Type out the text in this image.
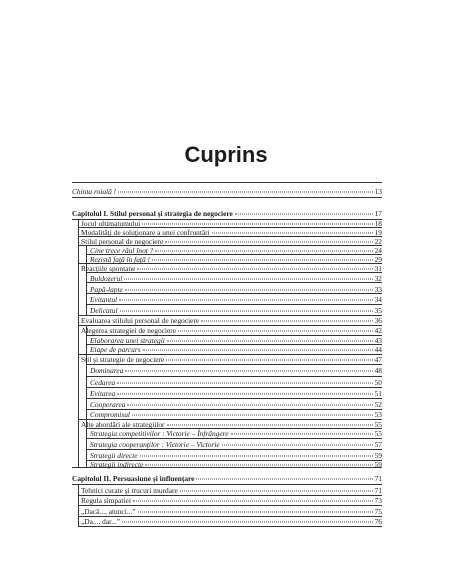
Cuprins
Chinta roială !	13
Capitolul I. Stilul personal şi strategia de negociere	17
Jocul ultimatumului	18
Modalităţi de soluţionare a unei confruntări	19
Stilul personal de negociere	22
Cine trece râul înot ?	24
Rezistă faţă în faţă !	29
Reacţiile spontane	31
Buldozerul	32
Papă-lapte	33
Evitantul	34
Delicatul	35
Evaluarea stilului personal de negociere	36
Alegerea strategiei de negociere	42
Elaborarea unei strategii	43
Etape de parcurs	44
Stil şi strategie de negociere	47
Dominarea	48
Cedarea	50
Evitarea	51
Cooperarea	52
Compromisul	53
Alte abordări ale strategiilor	55
Strategia competitivilor : Victorie – Înfrângere	55
Strategia cooperanţilor : Victorie – Victorie	57
Strategii directe	59
Strategii indirecte	59
Capitolul II. Persuasiune şi influenţare	71
Tehnici curate şi trucuri murdare	71
Regula simpatiei	73
„Dacă..., atunci...”	75
„Da..., dar...”	76
